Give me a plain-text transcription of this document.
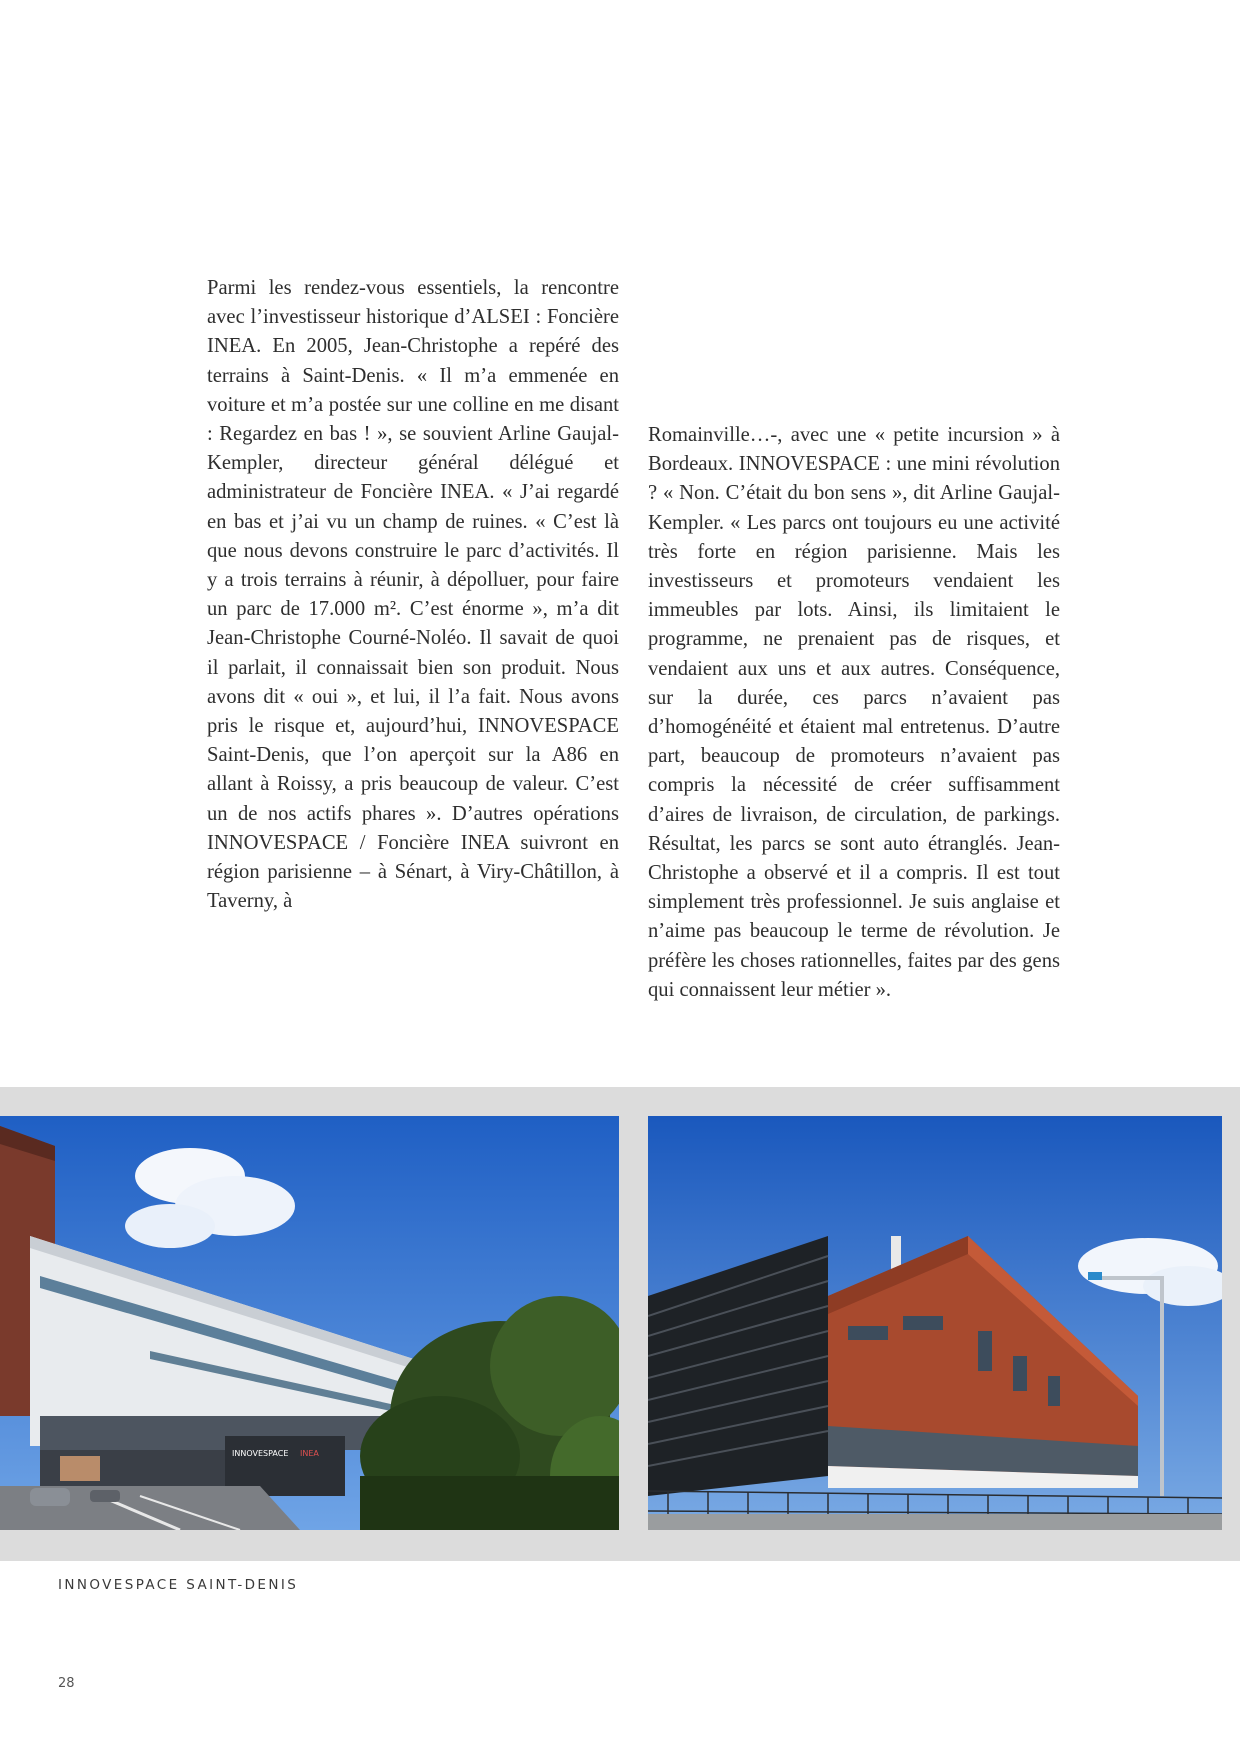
Parmi les rendez-vous essentiels, la rencontre avec l’investisseur historique d’ALSEI : Foncière INEA. En 2005, Jean-Christophe a repéré des terrains à Saint-Denis. « Il m’a emmenée en voiture et m’a postée sur une colline en me disant : Regardez en bas ! », se souvient Arline Gaujal-Kempler, directeur général délégué et administrateur de Foncière INEA. « J’ai regardé en bas et j’ai vu un champ de ruines. « C’est là que nous devons construire le parc d’activités. Il y a trois terrains à réunir, à dépolluer, pour faire un parc de 17.000 m². C’est énorme », m’a dit Jean-Christophe Courné-Noléo. Il savait de quoi il parlait, il connaissait bien son produit. Nous avons dit « oui », et lui, il l’a fait. Nous avons pris le risque et, aujourd’hui, INNOVESPACE Saint-Denis, que l’on aperçoit sur la A86 en allant à Roissy, a pris beaucoup de valeur. C’est un de nos actifs phares ». D’autres opérations INNOVESPACE / Foncière INEA suivront en région parisienne – à Sénart, à Viry-Châtillon, à Taverny, à

Romainville…-, avec une « petite incursion » à Bordeaux. INNOVESPACE : une mini révolution ? « Non. C’était du bon sens », dit Arline Gaujal-Kempler. « Les parcs ont toujours eu une activité très forte en région parisienne. Mais les investisseurs et promoteurs vendaient les immeubles par lots. Ainsi, ils limitaient le programme, ne prenaient pas de risques, et vendaient aux uns et aux autres. Conséquence, sur la durée, ces parcs n’avaient pas d’homogénéité et étaient mal entretenus. D’autre part, beaucoup de promoteurs n’avaient pas compris la nécessité de créer suffisamment d’aires de livraison, de circulation, de parkings. Résultat, les parcs se sont auto étranglés. Jean-Christophe a observé et il a compris. Il est tout simplement très professionnel. Je suis anglaise et n’aime pas beaucoup le terme de révolution. Je préfère les choses rationnelles, faites par des gens qui connaissent leur métier ».

INNOVESPACE INEA
INNOVESPACE SAINT-DENIS
28
